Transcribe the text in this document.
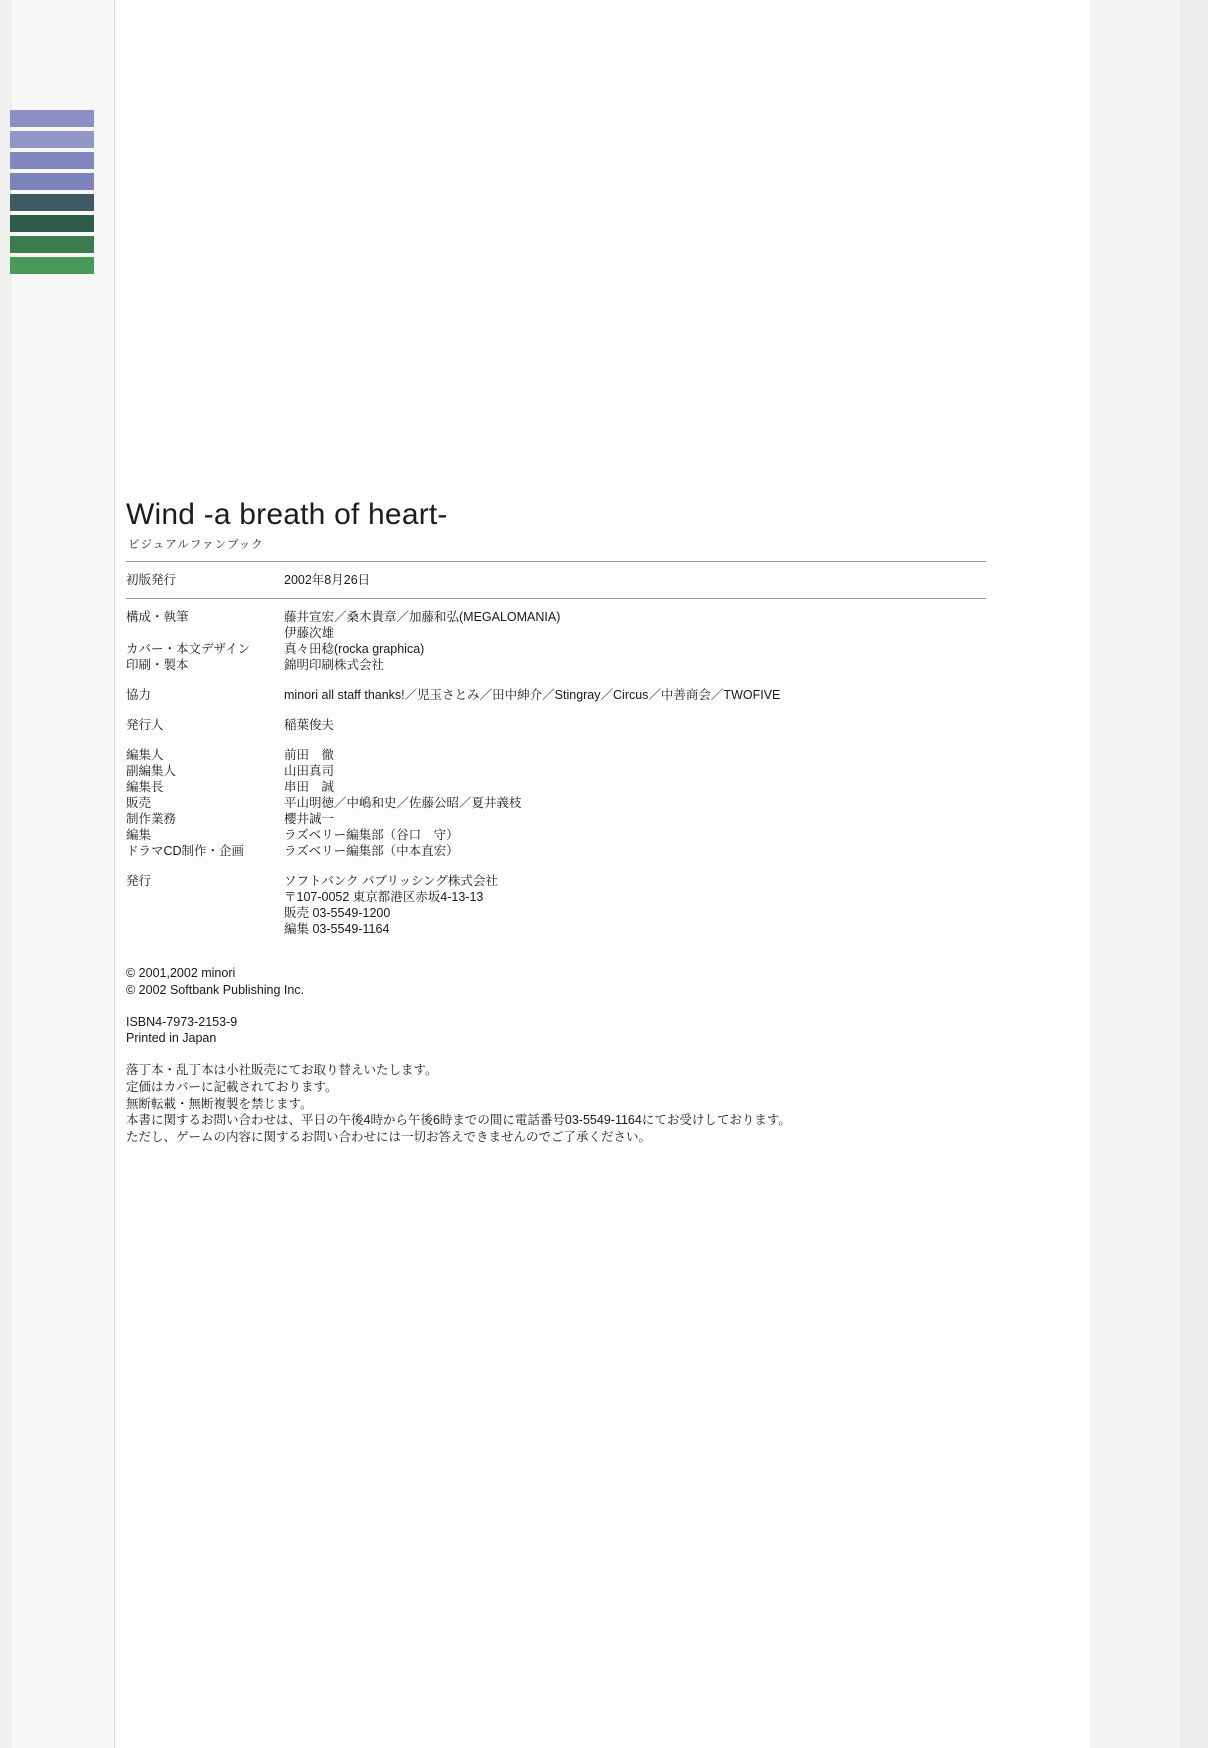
Wind -a breath of heart-
ビジュアルファンブック
初版発行	2002年8月26日
構成・執筆	藤井宣宏／桑木貴章／加藤和弘(MEGALOMANIA)
	伊藤次雄
カバー・本文デザイン	真々田稔(rocka graphica)
印刷・製本	錦明印刷株式会社

協力	minori all staff thanks!／児玉さとみ／田中紳介／Stingray／Circus／中善商会／TWOFIVE

発行人	稲葉俊夫

編集人	前田　徹
副編集人	山田真司
編集長	串田　誠
販売	平山明徳／中嶋和史／佐藤公昭／夏井義枝
制作業務	櫻井誠一
編集	ラズベリー編集部（谷口　守）
ドラマCD制作・企画	ラズベリー編集部（中本直宏）

発行	ソフトバンク パブリッシング株式会社
	〒107-0052 東京都港区赤坂4-13-13
	販売 03-5549-1200
	編集 03-5549-1164
© 2001,2002 minori
© 2002 Softbank Publishing Inc.
ISBN4-7973-2153-9
Printed in Japan
落丁本・乱丁本は小社販売にてお取り替えいたします。
定価はカバーに記載されております。
無断転載・無断複製を禁じます。
本書に関するお問い合わせは、平日の午後4時から午後6時までの間に電話番号03-5549-1164にてお受けしております。
ただし、ゲームの内容に関するお問い合わせには一切お答えできませんのでご了承ください。
